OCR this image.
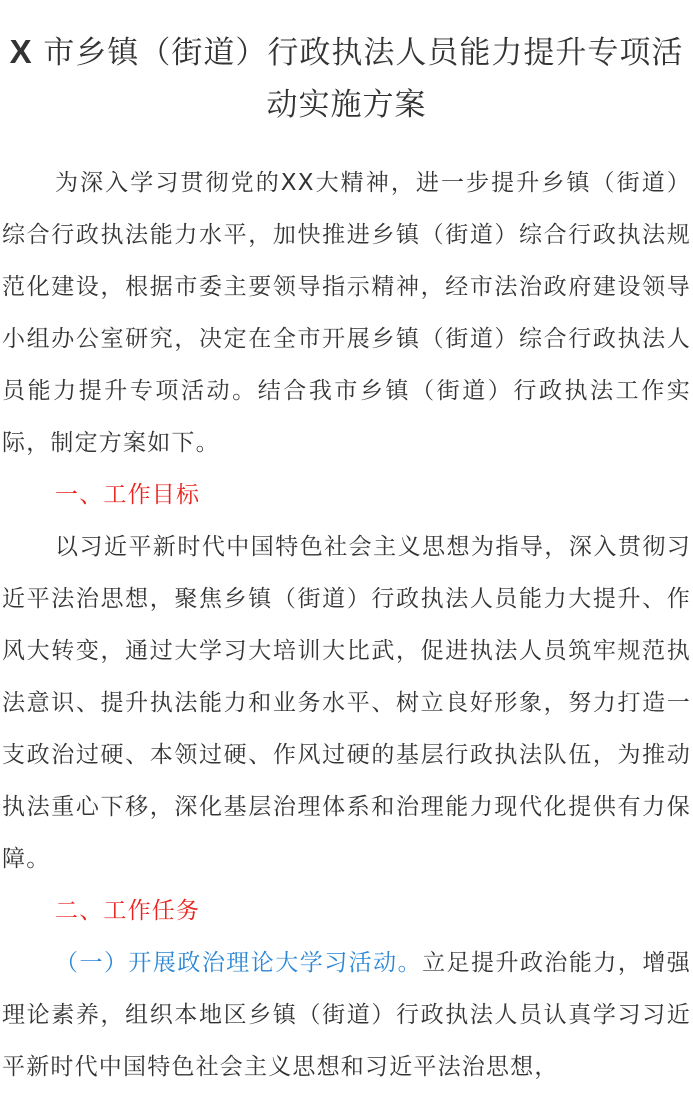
X 市乡镇（街道）行政执法人员能力提升专项活动实施方案

为深入学习贯彻党的XX大精神，进一步提升乡镇（街道）综合行政执法能力水平，加快推进乡镇（街道）综合行政执法规范化建设，根据市委主要领导指示精神，经市法治政府建设领导小组办公室研究，决定在全市开展乡镇（街道）综合行政执法人员能力提升专项活动。结合我市乡镇（街道）行政执法工作实际，制定方案如下。

一、工作目标

以习近平新时代中国特色社会主义思想为指导，深入贯彻习近平法治思想，聚焦乡镇（街道）行政执法人员能力大提升、作风大转变，通过大学习大培训大比武，促进执法人员筑牢规范执法意识、提升执法能力和业务水平、树立良好形象，努力打造一支政治过硬、本领过硬、作风过硬的基层行政执法队伍，为推动执法重心下移，深化基层治理体系和治理能力现代化提供有力保障。

二、工作任务

（一）开展政治理论大学习活动。立足提升政治能力，增强理论素养，组织本地区乡镇（街道）行政执法人员认真学习习近平新时代中国特色社会主义思想和习近平法治思想，
